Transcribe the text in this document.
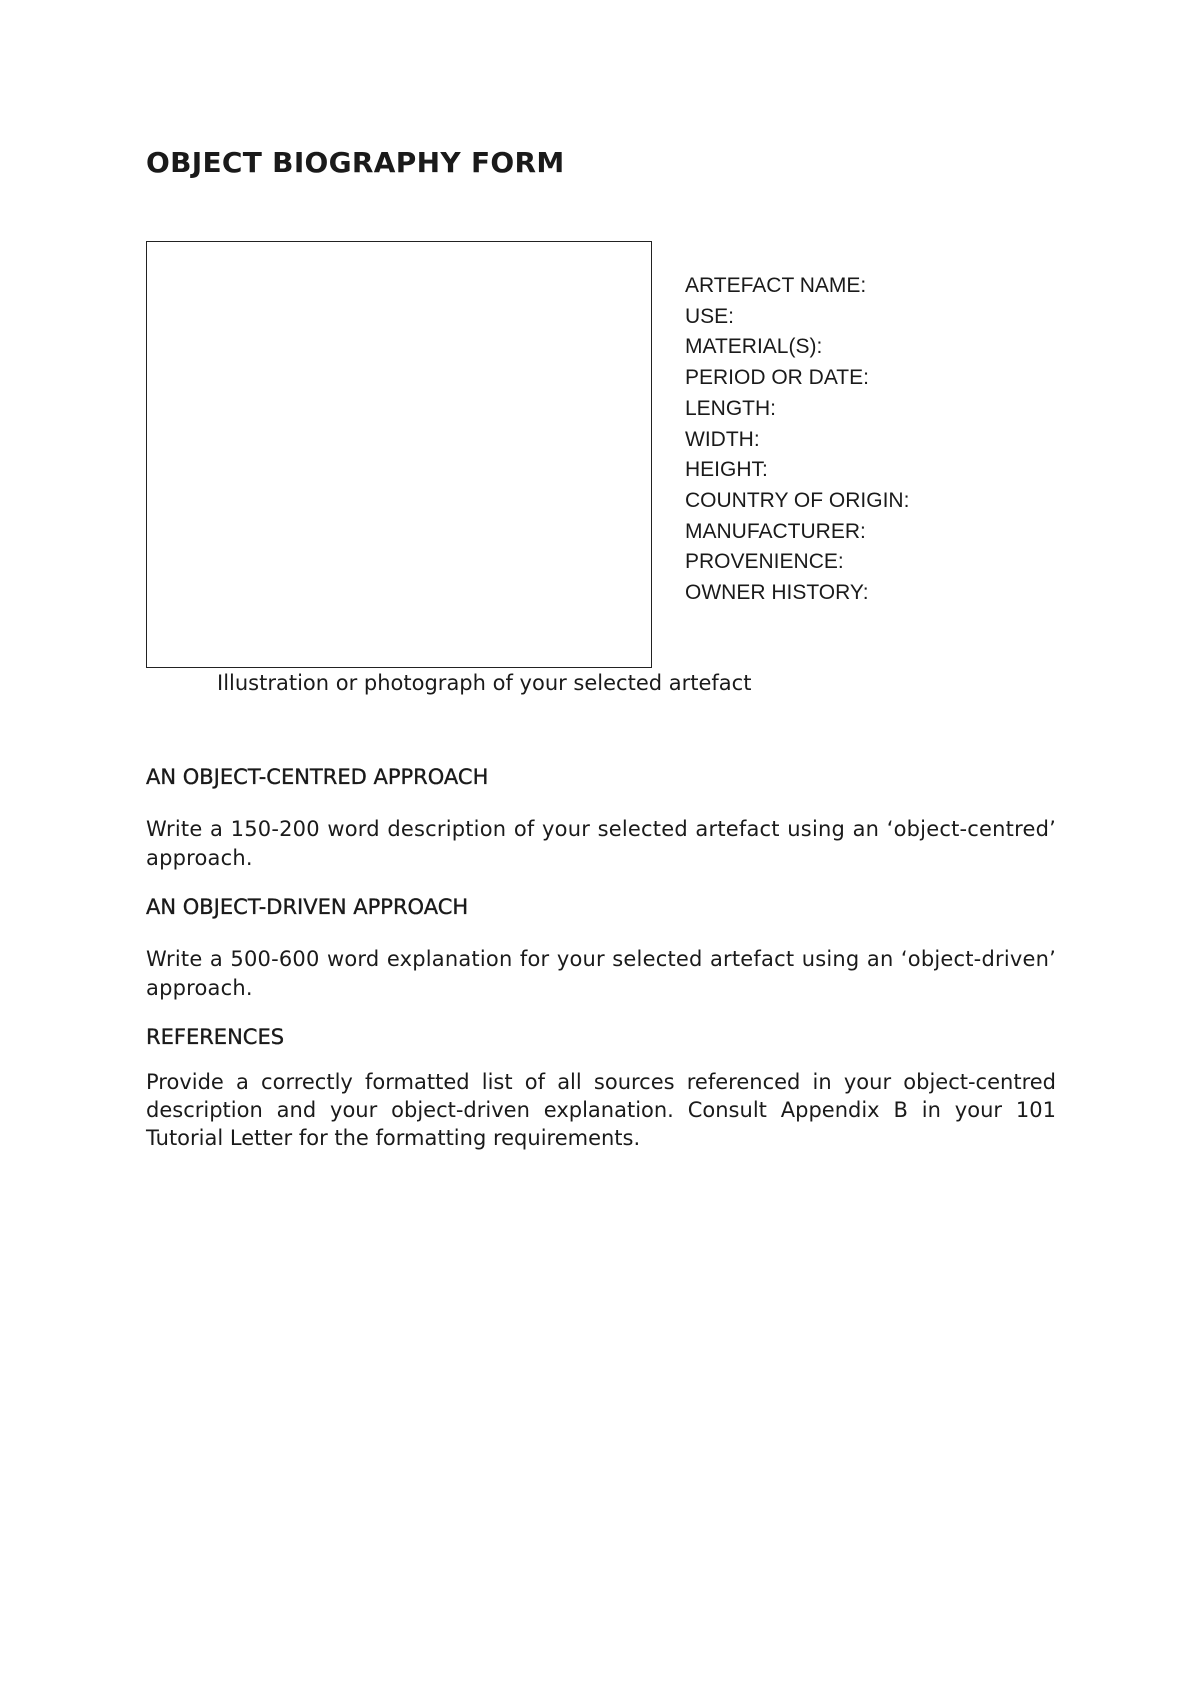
OBJECT BIOGRAPHY FORM
ARTEFACT NAME:
USE:
MATERIAL(S):
PERIOD OR DATE:
LENGTH:
WIDTH:
HEIGHT:
COUNTRY OF ORIGIN:
MANUFACTURER:
PROVENIENCE:
OWNER HISTORY:
Illustration or photograph of your selected artefact
AN OBJECT-CENTRED APPROACH

Write a 150-200 word description of your selected artefact using an ‘object-centred’ approach.

AN OBJECT-DRIVEN APPROACH

Write a 500-600 word explanation for your selected artefact using an ‘object-driven’ approach.

REFERENCES

Provide a correctly formatted list of all sources referenced in your object-centred description and your object-driven explanation. Consult Appendix B in your 101 Tutorial Letter for the formatting requirements.
